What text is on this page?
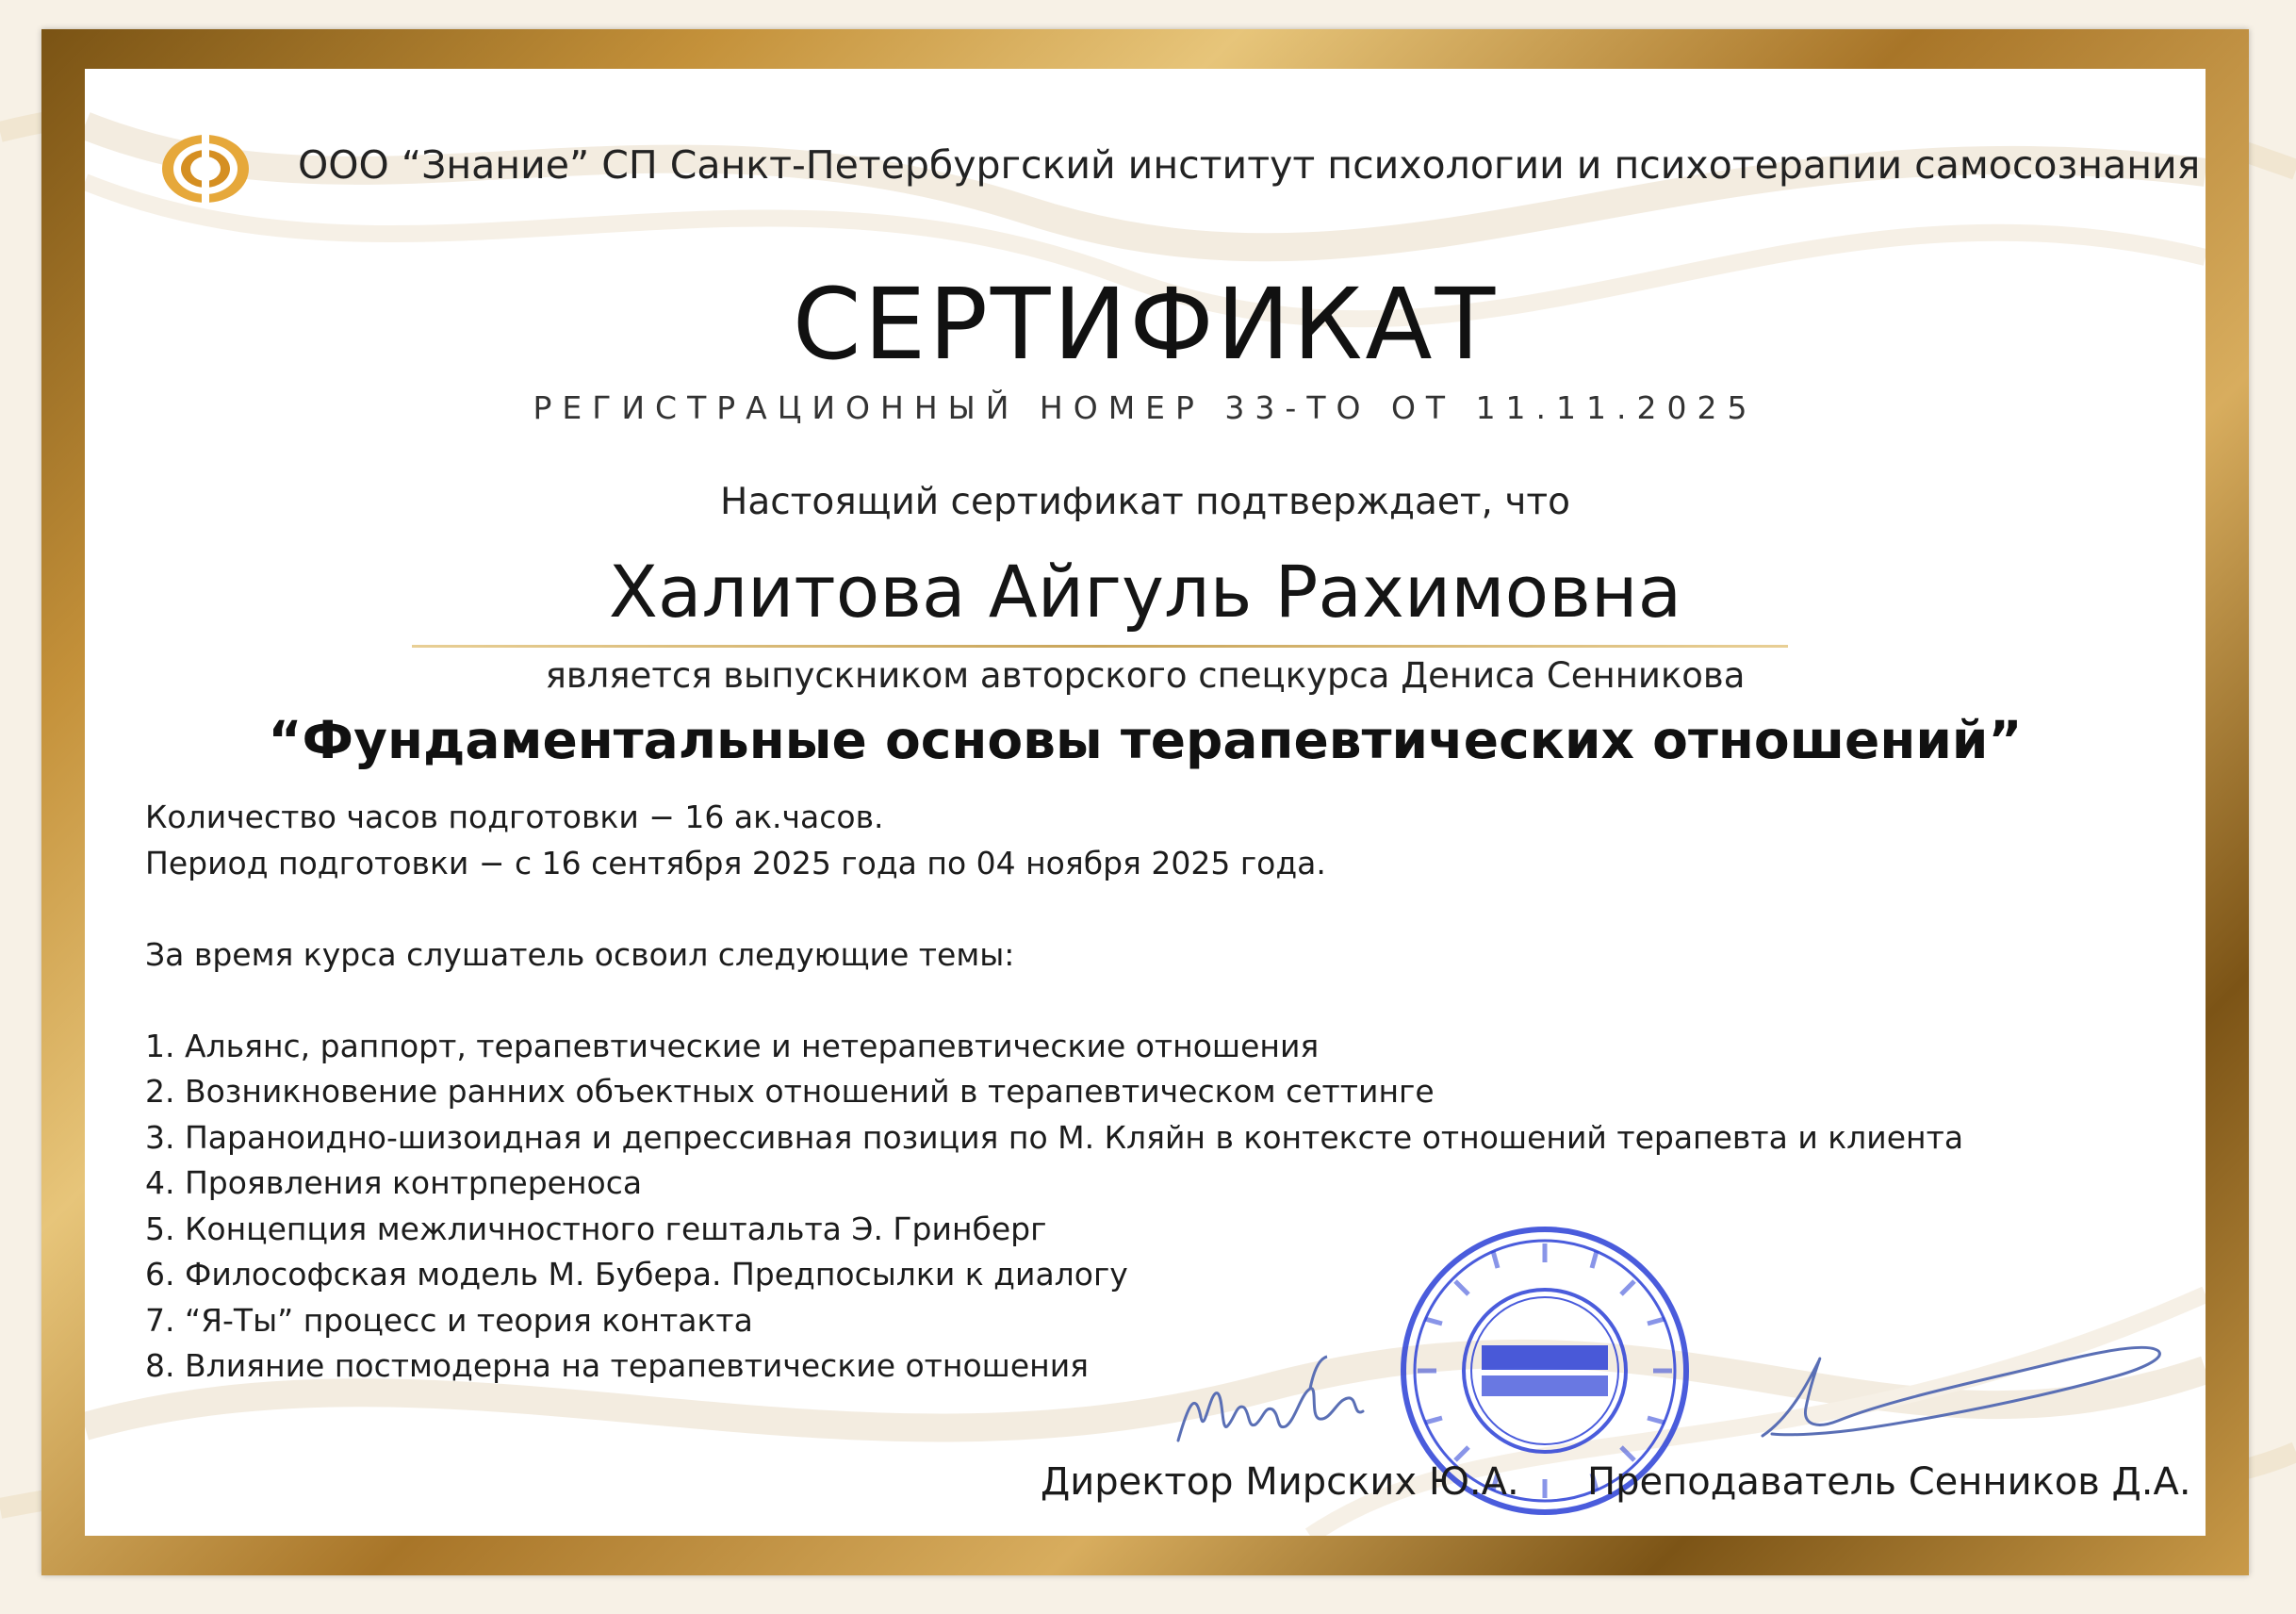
ООО “Знание” СП Санкт-Петербургский институт психологии и психотерапии самосознания
СЕРТИФИКАТ
РЕГИСТРАЦИОННЫЙ НОМЕР 33-ТО ОТ 11.11.2025
Настоящий сертификат подтверждает, что
Халитова Айгуль Рахимовна
является выпускником авторского спецкурса Дениса Сенникова
“Фундаментальные основы терапевтических отношений”
Количество часов подготовки − 16 ак.часов.
Период подготовки − с 16 сентября 2025 года по 04 ноября 2025 года.
За время курса слушатель освоил следующие темы:
1. Альянс, раппорт, терапевтические и нетерапевтические отношения
2. Возникновение ранних объектных отношений в терапевтическом сеттинге
3. Параноидно-шизоидная и депрессивная позиция по М. Кляйн в контексте отношений терапевта и клиента
4. Проявления контрпереноса
5. Концепция межличностного гештальта Э. Гринберг
6. Философская модель М. Бубера. Предпосылки к диалогу
7. “Я-Ты” процесс и теория контакта
8. Влияние постмодерна на терапевтические отношения
Директор Мирских Ю.А. Преподаватель Сенников Д.А.
